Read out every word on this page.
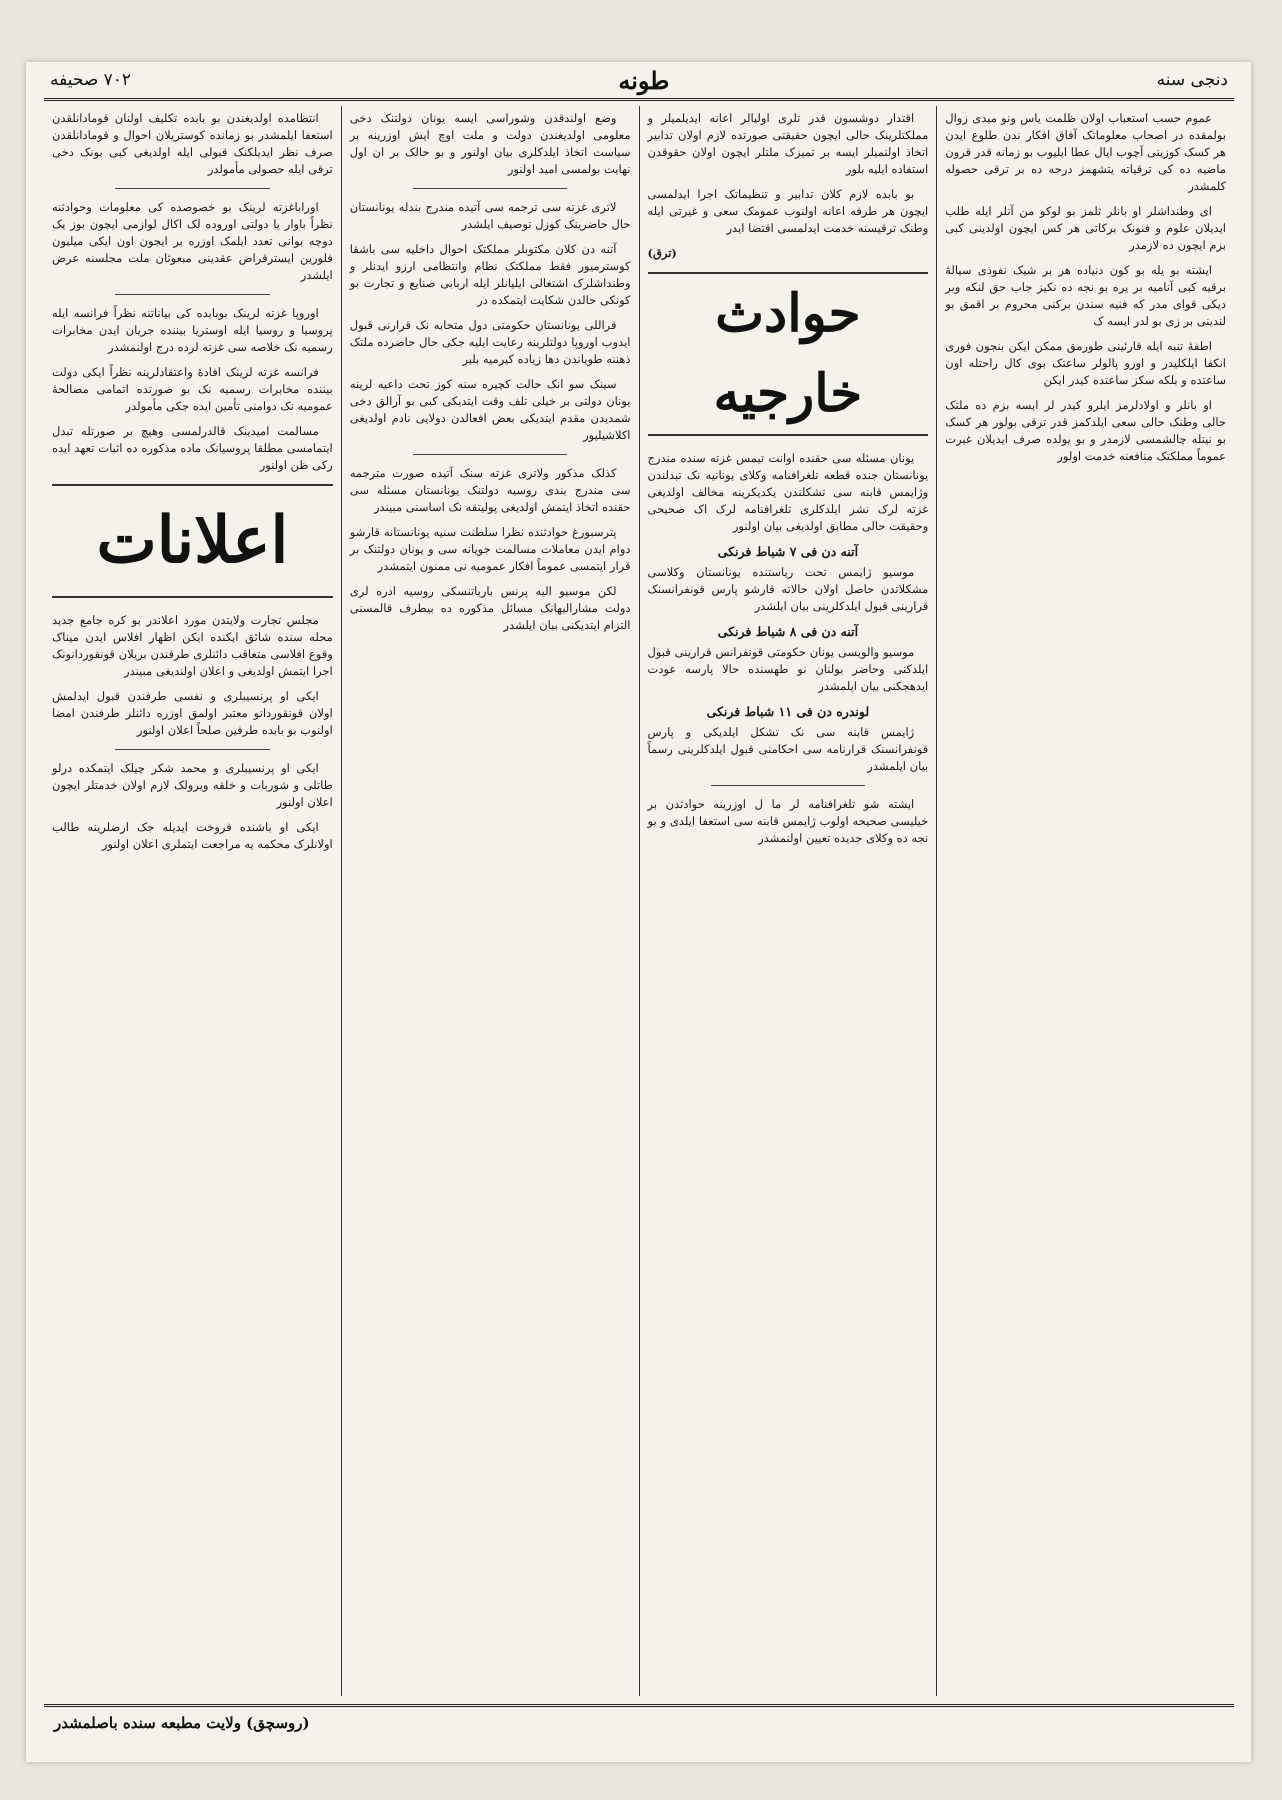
دنجی سنه
طونه
٧٠٢ صحیفه

عموم حسب استعباب اولان ظلمت ياس ونو میدی زوال بولمقده در اصحاب معلوماتک آفاق افکار ندن طلوع ایدن هر کسک کوزینی آچوب ایال عطا ایلیوب بو زمانه قدر قرون ماضیه ده کی ترقیاته یتشهمز درجه ده بر ترقی حصوله کلمشدر

ای وطنداشلر او بانلر ثلمز بو لوکو من آنلر ایله طلب ایدیلان علوم و فنونک برکاتی هر کس ایچون اولدینی کبی بزم ایچون ده لازمدر

ایشته بو یله بو کون دنیاده هر بر شیک نفوذی سیالهٔ برقیه کبی آنامیه بر یره بو نجه ده نکیز جاب حق لنکه وبر دیکی قوای مدر که فنیه سندن برکنی محروم بر اقمق بو لندینی بر زی بو لدر ایسه ک

اطفهٔ تنبه ایله قارئینی طورمق ممکن ایکن بنجون فوری انکفا ایلکلیدر و اورو پالولر ساعتک بوی کال راحتله اون ساعتده و بلکه سکز ساعتده کیدر ایکن

او بانلر و اولادلرمز ایلرو کیدر لر ایسه بزم ده ملتک حالی وطنک حالی سعی ایلدکمز قدر ترقی بولور هر کسک بو نیتله چالشمسی لازمدر و بو یولده صرف ایدیلان غیرت عموماً مملکتک منافعنه خدمت اولور

اقتدار دوشسون قدر تلری اولیالر اعانه ایدیلمیلر و مملکتلرینک حالی ایچون حقیقتی صورتده لازم اولان تدابیر اتخاذ اولنمیلر ایسه بر تمیزک ملتلر ایچون اولان حقوقدن استفاده ایلیه بلور

بو بابده لازم کلان تدابیر و تنظیماتک اجرا ایدلمسی ایچون هر طرفه اعانه اولنوب عمومک سعی و غیرتی ایله وطنک ترقیسنه خدمت ایدلمسی اقتضا ایدر

(ترق)
حوادث خارجیه

یونان مسئله سی حقنده اوانت تیمس غزته سنده مندرج یونانستان جنده قطعه تلغرافنامه وکلای یونانیه نک تبدلندن وژایمس قابنه سی تشکلندن یکدیکرینه مخالف اولدیغی غزته لرک نشر ایلدکلری تلغرافنامه لرک اک صحیحی وحقیقت حالی مطابق اولدیغی بیان اولنور

آتنه دن فی ٧ شباط فرنکی

موسیو ژایمس تحت ریاستنده یونانستان وکلاسی مشکلاتدن حاصل اولان حالاته قارشو پارس قونفرانسنک قرارینی قبول ایلدکلرینی بیان ایلشدر

آتنه دن فی ٨ شباط فرنکی

موسیو والویسی یونان حکومتی قونفرانس قرارینی قبول ایلدکنی وحاضر بولنان نو طهسنده حالا پارسه عودت ایدهجکنی بیان ایلمشدر

لوندره دن فی ١١ شباط فرنکی

ژایمس قابنه سی نک تشکل ایلدیکی و پارس قونفرانسنک قرارنامه سی احکامنی قبول ایلدکلرینی رسماً بیان ایلمشدر

ایشته شو تلغرافنامه لر ما ل اوزرینه حوادثدن بر خیلیسی صحیحه اولوب ژایمس قابنه سی استعفا ایلدی و بو نجه ده وکلای جدیده تعیین اولنمشدر

وضع اولندقدن وشوراسی ایسه یونان دولتنک دخی معلومی اولدیغندن دولت و ملت اوچ ایش اوزرینه بر سیاست اتخاذ ایلدکلری بیان اولنور و بو حالک بر ان اول نهایت بولمسی امید اولنور

لاتری غزته سی ترجمه سی آتیده مندرج بندله یونانستان حال حاضرینک کوزل توصیف ایلشدر

آتنه دن کلان مکتوبلر مملکتک احوال داخلیه سی باشقا کوسترمیور فقط مملکتک نظام وانتظامی ارزو ایدنلر و وطنداشلرک اشتغالی ایلیانلر ایله اربابی صنایع و تجارت بو کونکی حالدن شکایت ایتمکده در

قراللی یونانستان حکومتی دول متحابه نک قرارنی قبول ایدوب اوروپا دولتلرینه رعایت ایلیه جکی حال حاضرده ملتک ذهننه طویاندن دها زیاده کیرمیه بلیر

سینک سو انک حالت کچیره سنه کوز تحت داعیه لرینه یونان دولتی بر خیلی تلف وقت ایتدیکی کبی بو آرالق دخی شمدیدن مقدم ایتدیکی بعض افعالدن دولایی نادم اولدیغی اکلاشیلیور

کذلک مذکور ولاتری غزته سنک آتیده صورت مترجمه سی مندرج بندی روسیه دولتنک یونانستان مسئله سی حقنده اتخاذ ایتمش اولدیغی پولیتقه نک اساسنی مبیندر

پترسبورغ حوادثنده نظرا سلطنت سنیه یونانستانه قارشو دوام ایدن معاملات مسالمت جویانه سی و یونان دولتنک بر قرار ایتمسی عموماً افکار عمومیه نی ممنون ایتمشدر

لکن موسیو الیه پرنس بارباتنسکی روسیه ادره لری دولت مشارالیهانک مسائل مذکوره ده بیطرف قالمسنی التزام ایتدیکنی بیان ایلشدر

انتظامده اولدیغندن بو بابده تکلیف اولنان قومادانلقدن استعفا ایلمشدر بو زمانده کوستریلان احوال و قومادانلقدن صرف نظر ایدیلکنک قبولی ایله اولدیغی کبی بونک دخی ترقی ایله حصولی مأمولدر

اوراباغزته لرینک بو خصوصده کی معلومات وحوادثنه نظراً باوار یا دولتی اوروده لک اکال لوازمی ایچون بوز یک دوچه بوانی تعدد ایلمک اوزره بر ایجون اون ایکی میلیون فلورین ایسترقراض عقدینی مبعوثان ملت مجلسنه عرض ایلشدر

اوروپا غزته لرینک بوبابده کی بیاناتنه نظراً فرانسه ایله پروسیا و روسیا ایله اوستریا بیننده جریان ایدن مخابرات رسمیه نک خلاصه سی غزته لرده درج اولنمشدر

فرانسه غزته لرینک افادهٔ واعتقادلرینه نظراً ایکی دولت بیننده مخابرات رسمیه نک بو صورتده اتمامی مصالحهٔ عمومیه نک دوامنی تأمین ایده جکی مأمولدر

مسالمت امیدینک قالدرلمسی وهیچ بر صورتله تبدل ایتمامسی مطلقا پروسیانک ماده مذکوره ده اثبات تعهد ایده رکی ظن اولنور

اعلانات

مجلس تجارت ولایتدن مورد اعلاندر بو کره جامع جدید محله سنده شائق ایکنده ایکن اظهار افلاس ایدن میناک وقوع افلاسی متعاقب دائنلری طرفندن بریلان قونقوردانونک اجرا ایتمش اولدیغی و اعلان اولندیغی مبیندر

ایکی او پرنسیبلری و نفسی طرفندن قبول ایدلمش اولان قونقوردانو معتبر اولمق اوزره دائنلر طرفندن امضا اولنوب بو بابده طرفین صلحاً اعلان اولنور

ایکی او پرنسیبلری و محمد شکر چیلک ایتمکده درلو طاتلی و شوربات و خلقه ویرولک لازم اولان خدمتلر ایچون اعلان اولنور

ایکی او باشنده فروخت ایدیله جک ارضلرینه طالب اولانلرک محکمه یه مراجعت ایتملری اعلان اولنور

(روسچق) ولایت مطبعه سنده باصلمشدر
